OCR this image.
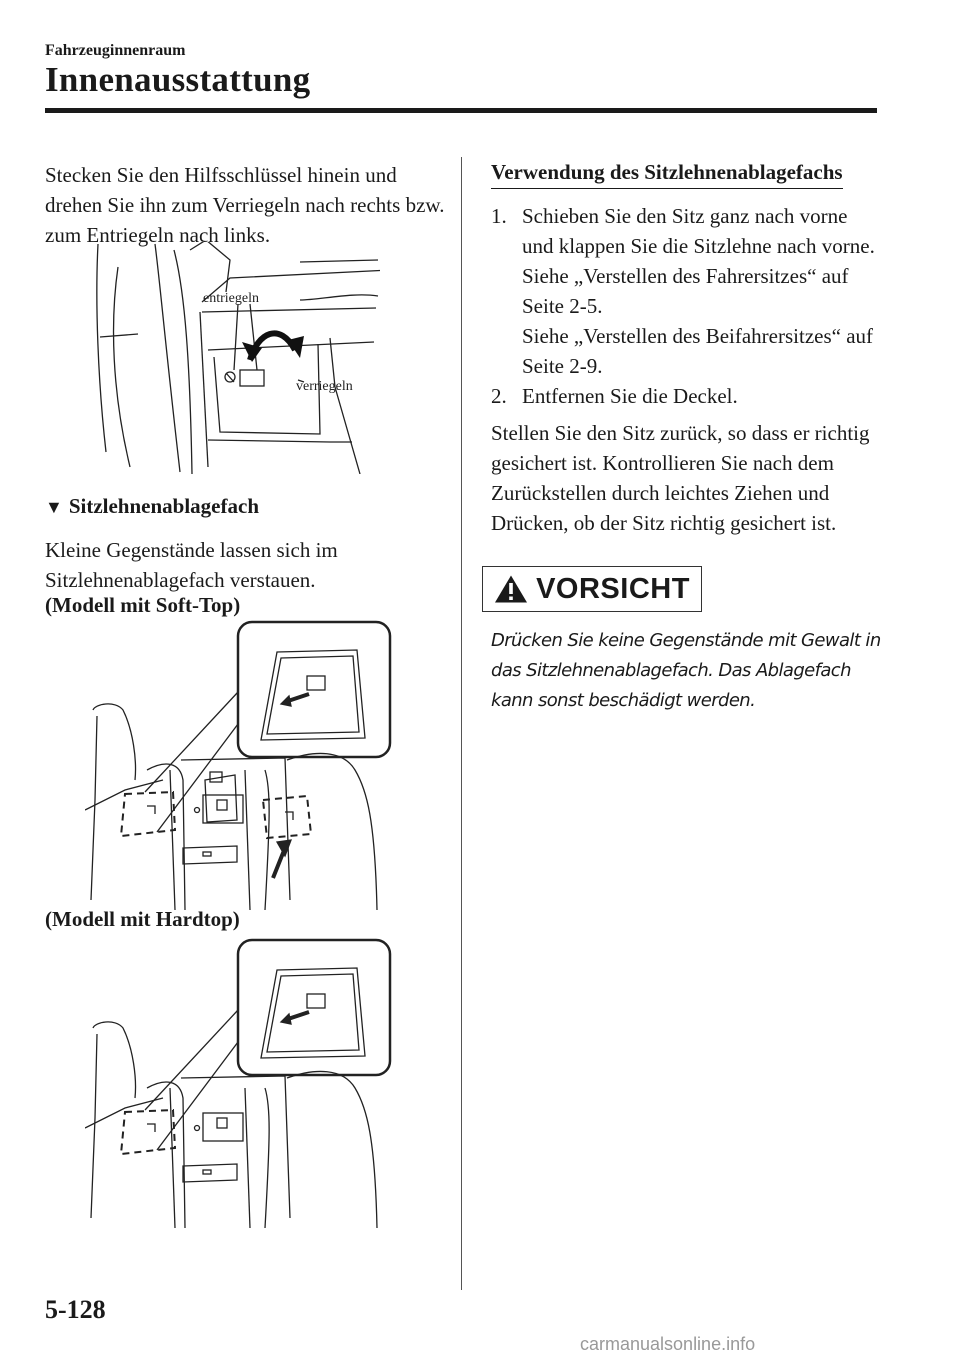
Fahrzeuginnenraum
Innenausstattung
Stecken Sie den Hilfsschlüssel hinein und drehen Sie ihn zum Verriegeln nach rechts bzw. zum Entriegeln nach links.
entriegeln
verriegeln
▼ Sitzlehnenablagefach
Kleine Gegenstände lassen sich im Sitzlehnenablagefach verstauen.
(Modell mit Soft-Top)
(Modell mit Hardtop)
Verwendung des Sitzlehnenablagefachs
1. Schieben Sie den Sitz ganz nach vorne und klappen Sie die Sitzlehne nach vorne.
Siehe „Verstellen des Fahrersitzes“ auf Seite 2-5.
Siehe „Verstellen des Beifahrersitzes“ auf Seite 2-9.
2. Entfernen Sie die Deckel.
Stellen Sie den Sitz zurück, so dass er richtig gesichert ist. Kontrollieren Sie nach dem Zurückstellen durch leichtes Ziehen und Drücken, ob der Sitz richtig gesichert ist.
VORSICHT
Drücken Sie keine Gegenstände mit Gewalt in das Sitzlehnenablagefach. Das Ablagefach kann sonst beschädigt werden.
5-128
carmanualsonline.info
